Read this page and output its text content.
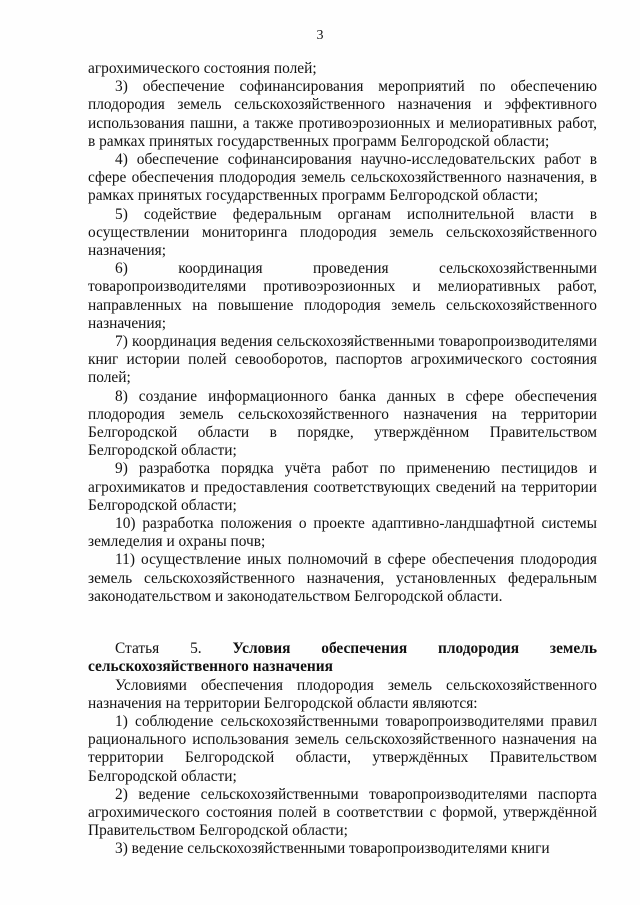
3

агрохимического состояния полей;

3) обеспечение софинансирования мероприятий по обеспечению плодородия земель сельскохозяйственного назначения и эффективного использования пашни, а также противоэрозионных и мелиоративных работ, в рамках принятых государственных программ Белгородской области;

4) обеспечение софинансирования научно-исследовательских работ в сфере обеспечения плодородия земель сельскохозяйственного назначения, в рамках принятых государственных программ Белгородской области;

5) содействие федеральным органам исполнительной власти в осуществлении мониторинга плодородия земель сельскохозяйственного назначения;

6) координация проведения сельскохозяйственными товаропроизводителями противоэрозионных и мелиоративных работ, направленных на повышение плодородия земель сельскохозяйственного назначения;

7) координация ведения сельскохозяйственными товаропроизводителями книг истории полей севооборотов, паспортов агрохимического состояния полей;

8) создание информационного банка данных в сфере обеспечения плодородия земель сельскохозяйственного назначения на территории Белгородской области в порядке, утверждённом Правительством Белгородской области;

9) разработка порядка учёта работ по применению пестицидов и агрохимикатов и предоставления соответствующих сведений на территории Белгородской области;

10) разработка положения о проекте адаптивно-ландшафтной системы земледелия и охраны почв;

11) осуществление иных полномочий в сфере обеспечения плодородия земель сельскохозяйственного назначения, установленных федеральным законодательством и законодательством Белгородской области.

Статья 5. Условия обеспечения плодородия земель сельскохозяйственного назначения

Условиями обеспечения плодородия земель сельскохозяйственного назначения на территории Белгородской области являются:

1) соблюдение сельскохозяйственными товаропроизводителями правил рационального использования земель сельскохозяйственного назначения на территории Белгородской области, утверждённых Правительством Белгородской области;

2) ведение сельскохозяйственными товаропроизводителями паспорта агрохимического состояния полей в соответствии с формой, утверждённой Правительством Белгородской области;

3) ведение сельскохозяйственными товаропроизводителями книги
